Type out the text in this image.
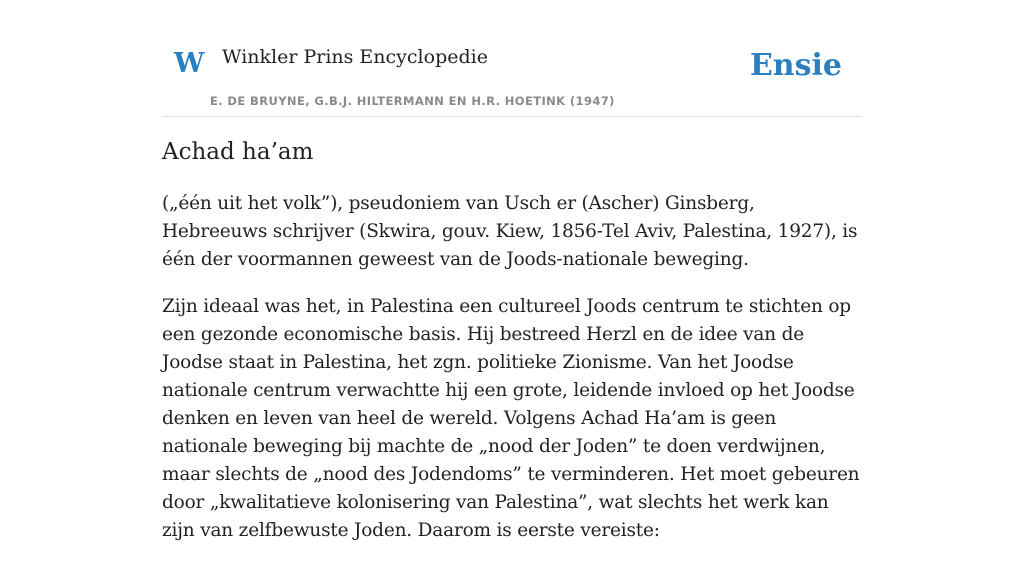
W Winkler Prins Encyclopedie
E. DE BRUYNE, G.B.J. HILTERMANN EN H.R. HOETINK (1947)
Ensie
Achad ha’am

(„één uit het volk”), pseudoniem van Usch er (Ascher) Ginsberg, Hebreeuws schrijver (Skwira, gouv. Kiew, 1856-Tel Aviv, Palestina, 1927), is één der voormannen geweest van de Joods-nationale beweging.

Zijn ideaal was het, in Palestina een cultureel Joods centrum te stichten op een gezonde economische basis. Hij bestreed Herzl en de idee van de Joodse staat in Palestina, het zgn. politieke Zionisme. Van het Joodse nationale centrum verwachtte hij een grote, leidende invloed op het Joodse denken en leven van heel de wereld. Volgens Achad Ha’am is geen nationale beweging bij machte de „nood der Joden” te doen verdwijnen, maar slechts de „nood des Jodendoms” te verminderen. Het moet gebeuren door „kwalitatieve kolonisering van Palestina”, wat slechts het werk kan zijn van zelfbewuste Joden. Daarom is eerste vereiste:
